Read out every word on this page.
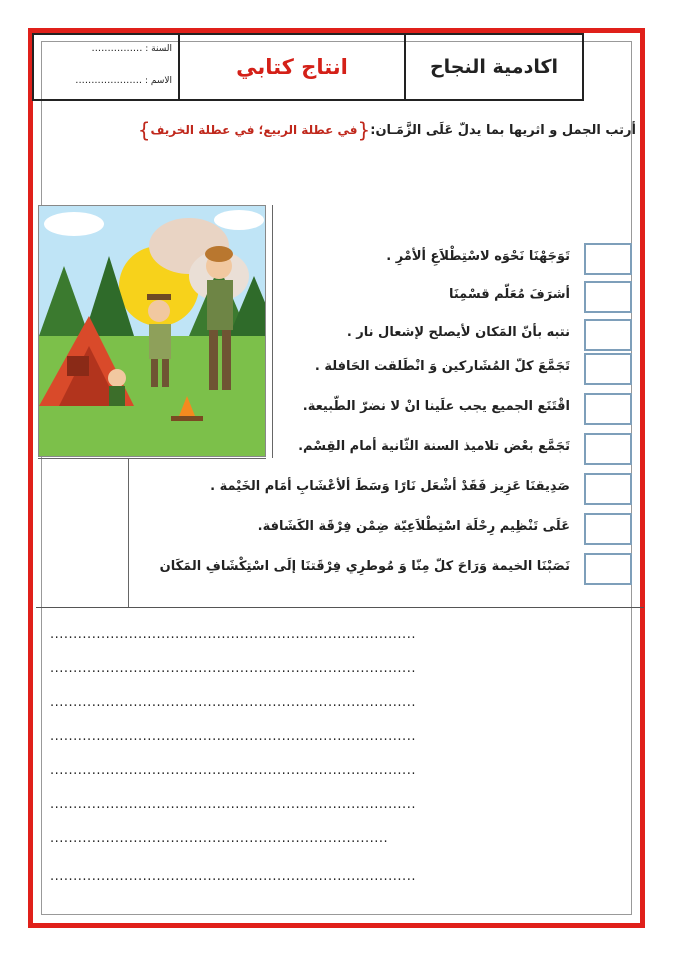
السنة : ................
الاسم : .....................
انتاج كتابي	اكادمية النجاح
أرتب الجمل و اثريها بما يدلّ عَلَى الزَّمَـان:
{
في عطلة الربيع؛ في عطلة الخريف
}
تَوَجَهْنَا نَحْوَه لاسْتِطْلاَعِ ألأمْرِ .
أشرَفَ مُعَلّم قسْمِنَا
نتبه بأنّ المَكان لأيصلح لإشعال نار .
تَجَمَّعَ كلّ المُشَاركين وَ انْطَلقت الحَافلة .
اقْتَنَع الجميع يجب علَينا انْ لا نضرّ الطّبيعة.
تَجَمَّع بعْض تلاميذ السنة الثّانية أمام القِسْم.
صَدِيقنَا عَزِيز فَقَدْ أشْعَل نَارًا وَسَطَ ألأعْشَابِ أمَام الخَيْمة .
عَلَى تَنْظِيم رِحْلَة اسْتِطْلاَعِيّة ضِمْن فِرْقَة الكَشَافة.
نَصَبْنَا الخيمة وَرَاحَ كلّ مِنّا وَ مُوطرِي فِرْقَتنَا إلَى اسْتِكْشَافِ المَكَان
...............................................................................
...............................................................................
...............................................................................
...............................................................................
...............................................................................
...............................................................................
.........................................................................
...............................................................................
